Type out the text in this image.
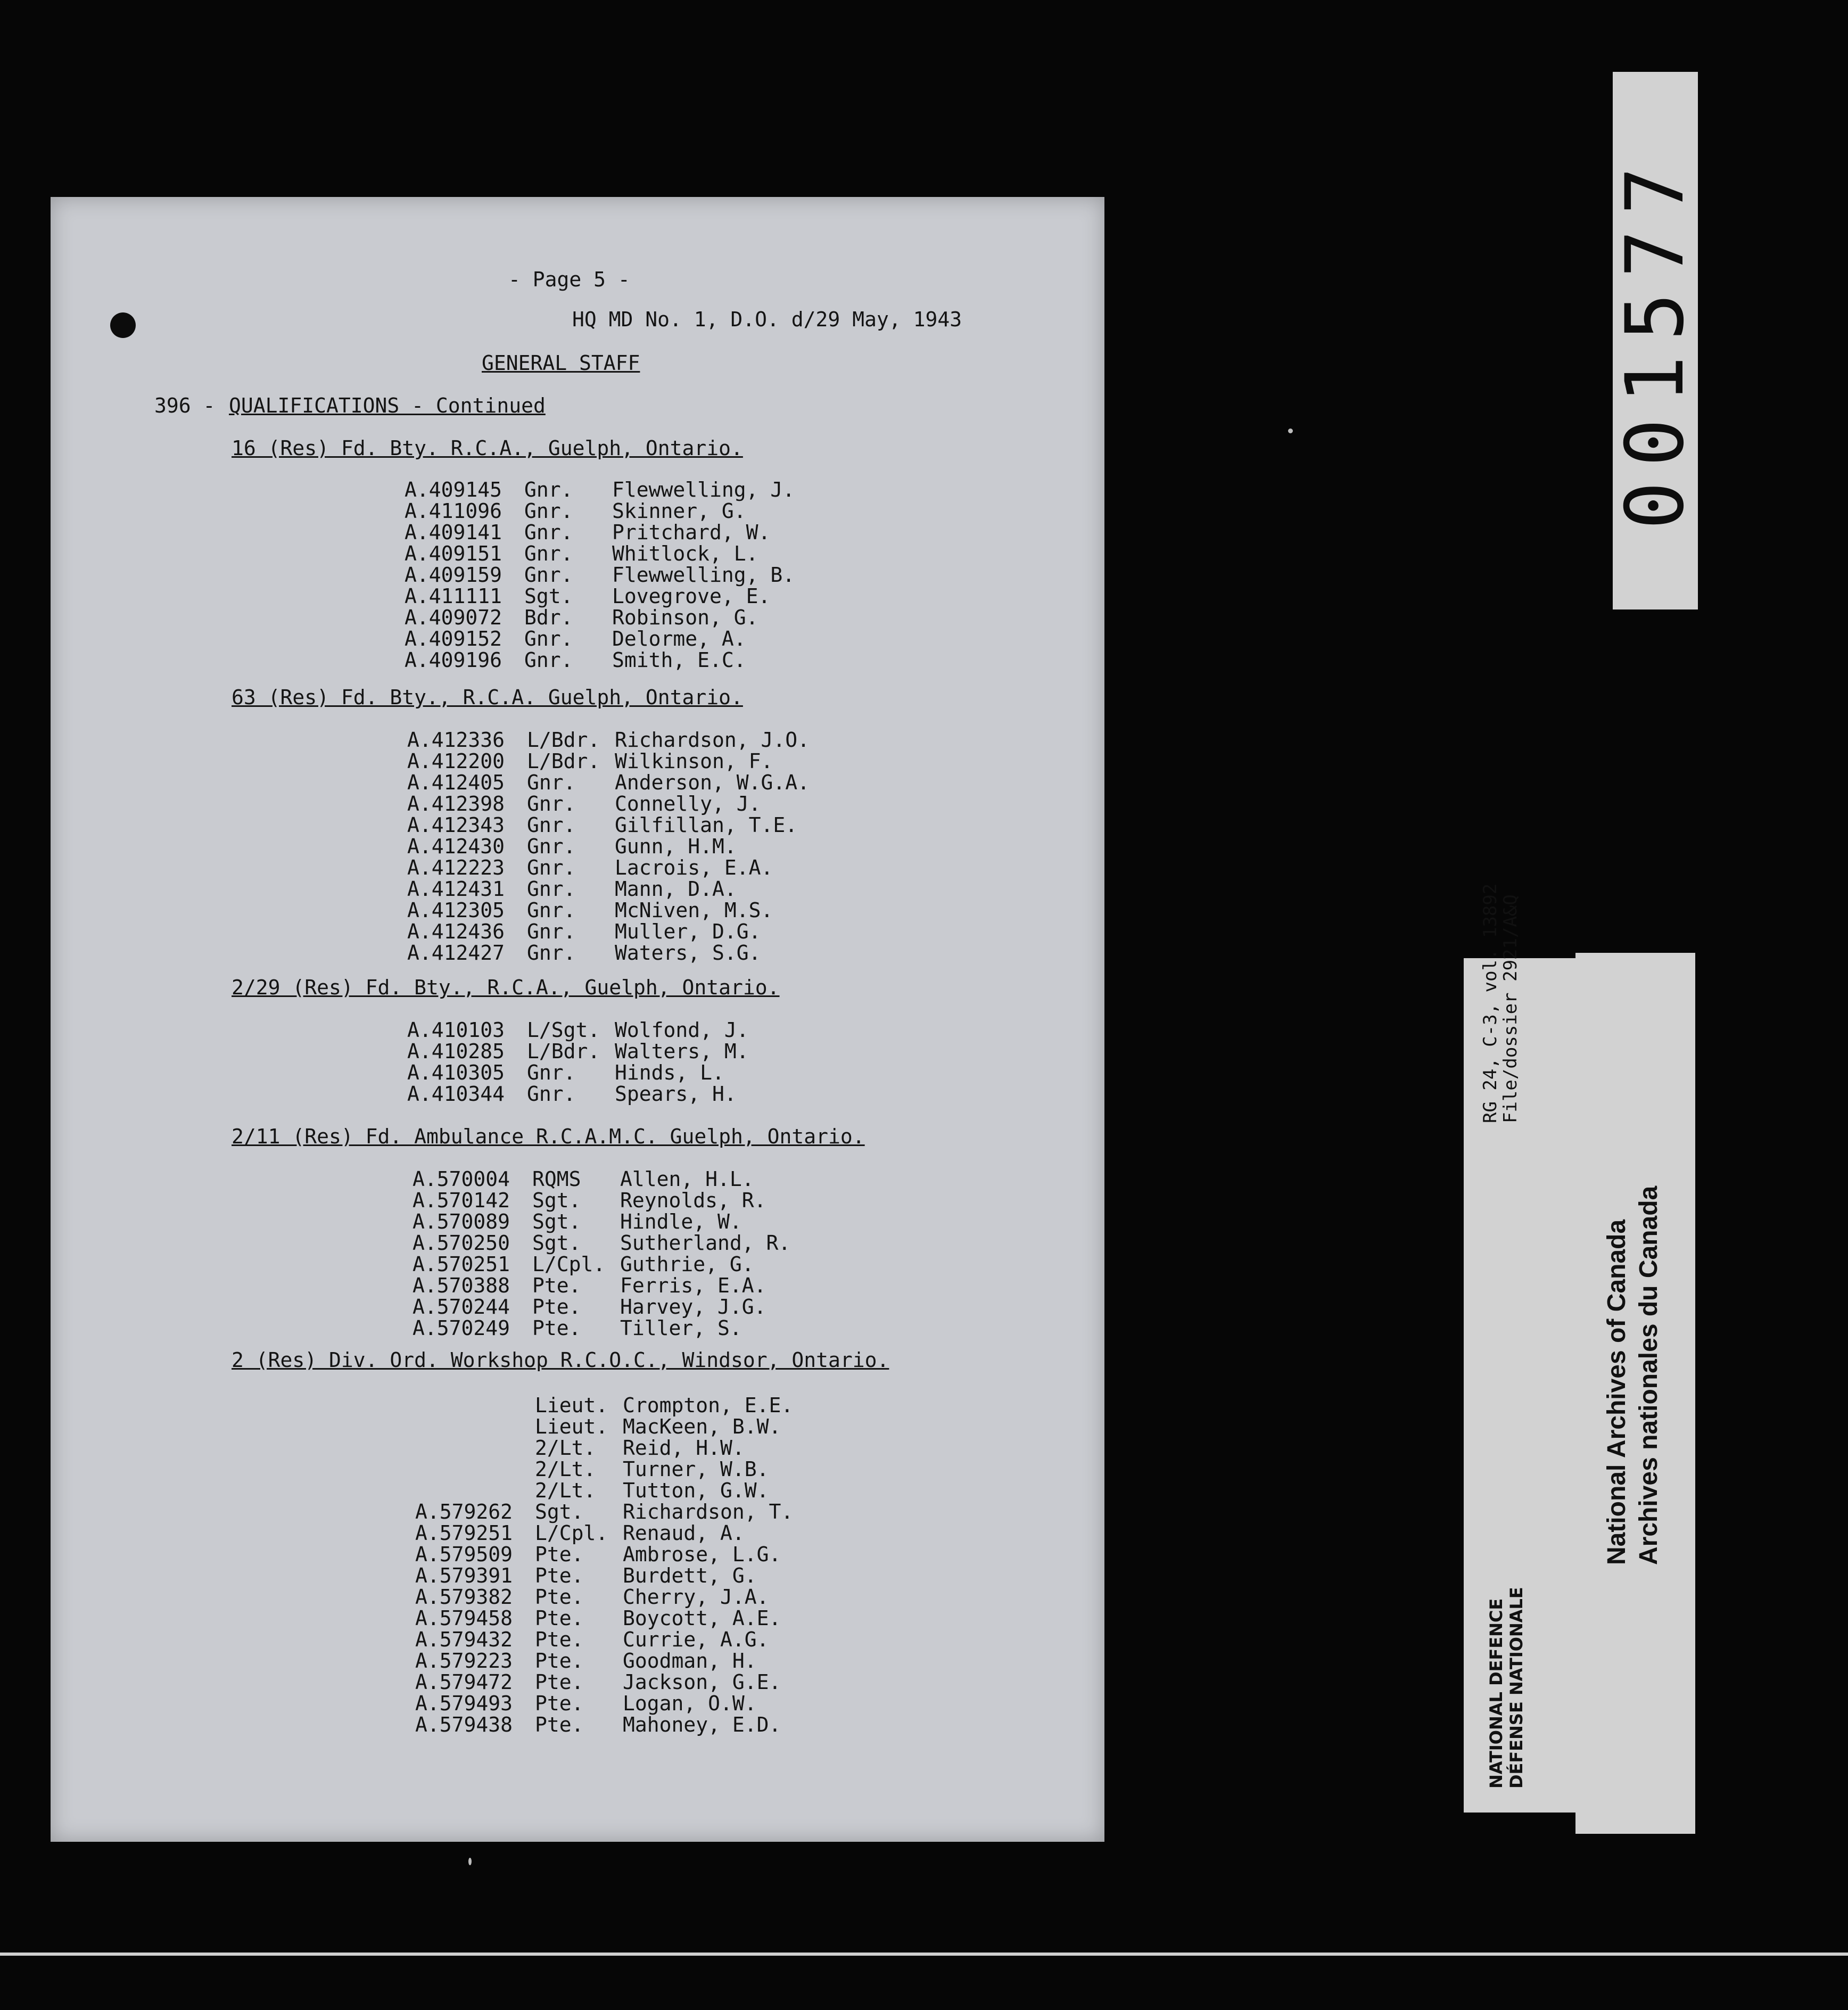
- Page 5 -
HQ MD No. 1, D.O. d/29 May, 1943
GENERAL STAFF
396 - QUALIFICATIONS - Continued
16 (Res) Fd. Bty. R.C.A., Guelph, Ontario.
A.409145 Gnr. Flewwelling, J.
A.411096 Gnr. Skinner, G.
A.409141 Gnr. Pritchard, W.
A.409151 Gnr. Whitlock, L.
A.409159 Gnr. Flewwelling, B.
A.411111 Sgt. Lovegrove, E.
A.409072 Bdr. Robinson, G.
A.409152 Gnr. Delorme, A.
A.409196 Gnr. Smith, E.C.
63 (Res) Fd. Bty., R.C.A. Guelph, Ontario.
A.412336 L/Bdr. Richardson, J.O.
A.412200 L/Bdr. Wilkinson, F.
A.412405 Gnr. Anderson, W.G.A.
A.412398 Gnr. Connelly, J.
A.412343 Gnr. Gilfillan, T.E.
A.412430 Gnr. Gunn, H.M.
A.412223 Gnr. Lacrois, E.A.
A.412431 Gnr. Mann, D.A.
A.412305 Gnr. McNiven, M.S.
A.412436 Gnr. Muller, D.G.
A.412427 Gnr. Waters, S.G.
2/29 (Res) Fd. Bty., R.C.A., Guelph, Ontario.
A.410103 L/Sgt. Wolfond, J.
A.410285 L/Bdr. Walters, M.
A.410305 Gnr. Hinds, L.
A.410344 Gnr. Spears, H.
2/11 (Res) Fd. Ambulance R.C.A.M.C. Guelph, Ontario.
A.570004 RQMS Allen, H.L.
A.570142 Sgt. Reynolds, R.
A.570089 Sgt. Hindle, W.
A.570250 Sgt. Sutherland, R.
A.570251 L/Cpl. Guthrie, G.
A.570388 Pte. Ferris, E.A.
A.570244 Pte. Harvey, J.G.
A.570249 Pte. Tiller, S.
2 (Res) Div. Ord. Workshop R.C.O.C., Windsor, Ontario.
Lieut. Crompton, E.E.
Lieut. MacKeen, B.W.
2/Lt. Reid, H.W.
2/Lt. Turner, W.B.
2/Lt. Tutton, G.W.
A.579262 Sgt. Richardson, T.
A.579251 L/Cpl. Renaud, A.
A.579509 Pte. Ambrose, L.G.
A.579391 Pte. Burdett, G.
A.579382 Pte. Cherry, J.A.
A.579458 Pte. Boycott, A.E.
A.579432 Pte. Currie, A.G.
A.579223 Pte. Goodman, H.
A.579472 Pte. Jackson, G.E.
A.579493 Pte. Logan, O.W.
A.579438 Pte. Mahoney, E.D.
001577
RG 24, C-3, vol. 13892
File/dossier 2921/A&Q
NATIONAL DEFENCE DÉFENSE NATIONALE
National Archives of Canada Archives nationales du Canada
